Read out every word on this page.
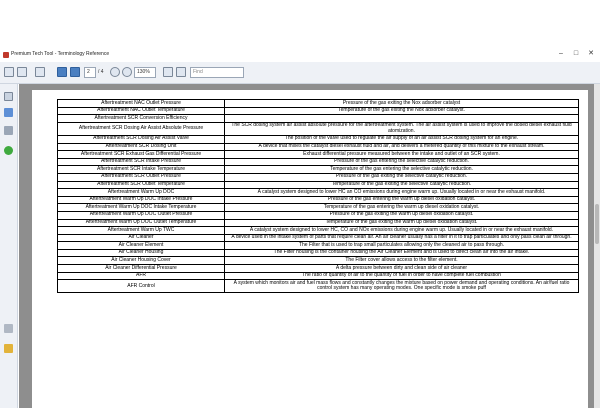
Premium Tech Tool - Terminology Reference	–	□	✕
2	/ 4	130%	Find
Aftertreatment NAC Outlet Pressure	Pressure of the gas exiting the Nox adsorber catalyst
Aftertreatment NAC Outlet Temperature	Temperature of the gas exiting the Nox adsorber catalyst.
Aftertreatment SCR Conversion Efficiency	
Aftertreatment SCR Dosing Air Assist Absolute Pressure	The SCR dosing system air assist absolute pressure for the aftertreatment system. The air assist system is used to improve the dosed diesel exhaust fluid atomization.
Aftertreatment SCR Dosing Air Assist Valve	The position of the valve used to regulate the air supply of an air assist SCR dosing system for an engine.
Aftertreatment SCR Dosing Unit	A device that mixes the catalyst diesel exhaust fluid and air, and delivers a metered quantity of this mixture to the exhaust stream.
Aftertreatment SCR Exhaust Gas Differential Pressure	Exhaust differential pressure measured between the intake and outlet of an SCR system.
Aftertreatment SCR Intake Pressure	Pressure of the gas entering the selective catalytic reduction.
Aftertreatment SCR Intake Temperature	Temperature of the gas entering the selective catalytic reduction.
Aftertreatment SCR Outlet Pressure	Pressure of the gas exiting the selective catalytic reduction.
Aftertreatment SCR Outlet Temperature	Temperature of the gas exiting the selective catalytic reduction.
Aftertreatment Warm Up DOC	A catalyst system designed to lower HC an CO emissions during engine warm up. Usually located in or near the exhaust manifold.
Aftertreatment Warm Up DOC Intake Pressure	Pressure of the gas entering the warm up diesel oxidation catalyst.
Aftertreatment Warm Up DOC Intake Temperature	Temperature of the gas entering the warm up diesel oxidation catalyst.
Aftertreatment Warm Up DOC Outlet Pressure	Pressure of the gas exiting the warm up diesel oxidation catalyst.
Aftertreatment Warm Up DOC Outlet Temperature	Temperature of the gas exiting the warm up diesel oxidation catalyst.
Aftertreatment Warm Up TWC	A catalyst system designed to lower HC, CO and NOx emissions during engine warm up. Usually located in or near the exhaust manifold.
Air Cleaner	A device used in the intake system of parts that require clean air. An air cleaner usually has a filter in it to trap particulates and only pass clean air through.
Air Cleaner Element	The Filter that is used to trap small particulates allowing only the cleaned air to pass through.
Air Cleaner Housing	The Filter housing is the container housing the Air Cleaner Element and is used to direct clean air into the air intake.
Air Cleaner Housing Cover	The Filter cover allows access to the filter element.
Air Cleaner Differential Pressure	A delta pressure between dirty and clean side of air cleaner
AFR	The ratio of quantity of air to the quantity of fuel in order to have complete fuel combustion
AFR Control	A system which monitors air and fuel mass flows and constantly changes the mixture based on power demand and operating conditions. An air/fuel ratio control system has many operating modes. One specific mode is smoke puff
